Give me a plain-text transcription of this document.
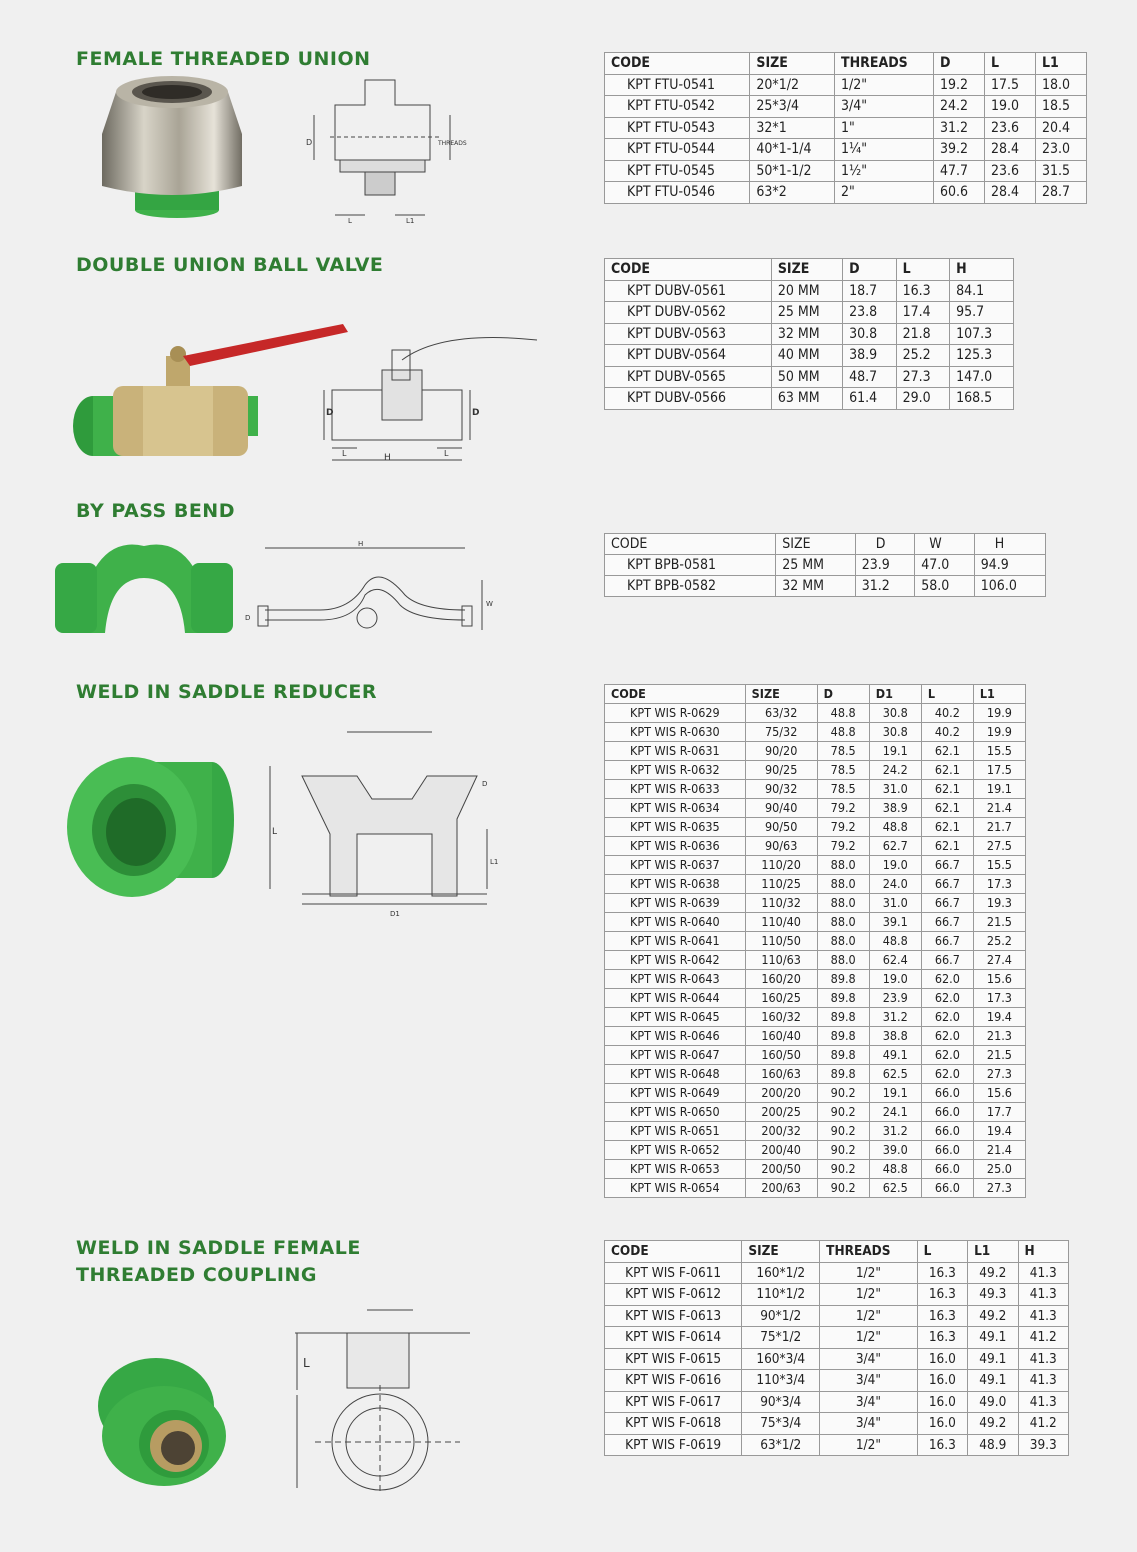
FEMALE THREADED UNION
D	THREADS
L	L1
CODE	SIZE	THREADS	D	L	L1
KPT FTU-0541	20*1/2	1/2"	19.2	17.5	18.0
KPT FTU-0542	25*3/4	3/4"	24.2	19.0	18.5
KPT FTU-0543	32*1	1"	31.2	23.6	20.4
KPT FTU-0544	40*1-1/4	1¼"	39.2	28.4	23.0
KPT FTU-0545	50*1-1/2	1½"	47.7	23.6	31.5
KPT FTU-0546	63*2	2"	60.6	28.4	28.7
DOUBLE UNION BALL VALVE
D	D
L	L
H
CODE	SIZE	D	L	H
KPT DUBV-0561	20 MM	18.7	16.3	84.1
KPT DUBV-0562	25 MM	23.8	17.4	95.7
KPT DUBV-0563	32 MM	30.8	21.8	107.3
KPT DUBV-0564	40 MM	38.9	25.2	125.3
KPT DUBV-0565	50 MM	48.7	27.3	147.0
KPT DUBV-0566	63 MM	61.4	29.0	168.5
BY PASS BEND
H
W
D
CODE	SIZE	D	W	H
KPT BPB-0581	25 MM	23.9	47.0	94.9
KPT BPB-0582	32 MM	31.2	58.0	106.0
WELD IN SADDLE REDUCER
D
L
L1
D1
CODE	SIZE	D	D1	L	L1
KPT WIS R-0629	63/32	48.8	30.8	40.2	19.9
KPT WIS R-0630	75/32	48.8	30.8	40.2	19.9
KPT WIS R-0631	90/20	78.5	19.1	62.1	15.5
KPT WIS R-0632	90/25	78.5	24.2	62.1	17.5
KPT WIS R-0633	90/32	78.5	31.0	62.1	19.1
KPT WIS R-0634	90/40	79.2	38.9	62.1	21.4
KPT WIS R-0635	90/50	79.2	48.8	62.1	21.7
KPT WIS R-0636	90/63	79.2	62.7	62.1	27.5
KPT WIS R-0637	110/20	88.0	19.0	66.7	15.5
KPT WIS R-0638	110/25	88.0	24.0	66.7	17.3
KPT WIS R-0639	110/32	88.0	31.0	66.7	19.3
KPT WIS R-0640	110/40	88.0	39.1	66.7	21.5
KPT WIS R-0641	110/50	88.0	48.8	66.7	25.2
KPT WIS R-0642	110/63	88.0	62.4	66.7	27.4
KPT WIS R-0643	160/20	89.8	19.0	62.0	15.6
KPT WIS R-0644	160/25	89.8	23.9	62.0	17.3
KPT WIS R-0645	160/32	89.8	31.2	62.0	19.4
KPT WIS R-0646	160/40	89.8	38.8	62.0	21.3
KPT WIS R-0647	160/50	89.8	49.1	62.0	21.5
KPT WIS R-0648	160/63	89.8	62.5	62.0	27.3
KPT WIS R-0649	200/20	90.2	19.1	66.0	15.6
KPT WIS R-0650	200/25	90.2	24.1	66.0	17.7
KPT WIS R-0651	200/32	90.2	31.2	66.0	19.4
KPT WIS R-0652	200/40	90.2	39.0	66.0	21.4
KPT WIS R-0653	200/50	90.2	48.8	66.0	25.0
KPT WIS R-0654	200/63	90.2	62.5	66.0	27.3
WELD IN SADDLE FEMALE
THREADED COUPLING
L
CODE	SIZE	THREADS	L	L1	H
KPT WIS F-0611	160*1/2	1/2"	16.3	49.2	41.3
KPT WIS F-0612	110*1/2	1/2"	16.3	49.3	41.3
KPT WIS F-0613	90*1/2	1/2"	16.3	49.2	41.3
KPT WIS F-0614	75*1/2	1/2"	16.3	49.1	41.2
KPT WIS F-0615	160*3/4	3/4"	16.0	49.1	41.3
KPT WIS F-0616	110*3/4	3/4"	16.0	49.1	41.3
KPT WIS F-0617	90*3/4	3/4"	16.0	49.0	41.3
KPT WIS F-0618	75*3/4	3/4"	16.0	49.2	41.2
KPT WIS F-0619	63*1/2	1/2"	16.3	48.9	39.3
